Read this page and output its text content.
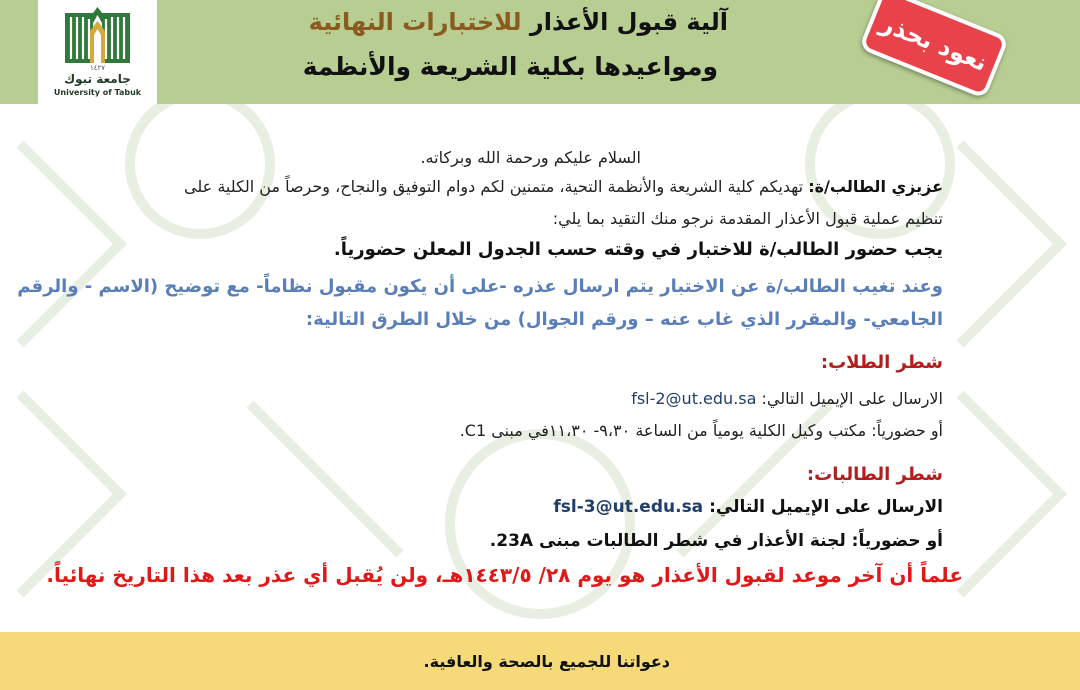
١٤٢٧
جامعة تبوك
University of Tabuk
آلية قبول الأعذار للاختبارات النهائية
ومواعيدها بكلية الشريعة والأنظمة	نعود بحذر
السلام عليكم ورحمة الله وبركاته.
عزيزي الطالب/ة: تهديكم كلية الشريعة والأنظمة التحية، متمنين لكم دوام التوفيق والنجاح، وحرصاً من الكلية على
تنظيم عملية قبول الأعذار المقدمة نرجو منك التقيد بما يلي:
يجب حضور الطالب/ة للاختبار في وقته حسب الجدول المعلن حضورياً.
وعند تغيب الطالب/ة عن الاختبار يتم ارسال عذره -على أن يكون مقبول نظاماً- مع توضيح (الاسم - والرقم
الجامعي- والمقرر الذي غاب عنه – ورقم الجوال) من خلال الطرق التالية:
شطر الطلاب:
الارسال على الإيميل التالي: fsl-2@ut.edu.sa
أو حضورياً: مكتب وكيل الكلية يومياً من الساعة ٩،٣٠- ١١،٣٠في مبنى C1.
شطر الطالبات:
الارسال على الإيميل التالي: fsl-3@ut.edu.sa
أو حضورياً: لجنة الأعذار في شطر الطالبات مبنى 23A.
علماً أن آخر موعد لقبول الأعذار هو يوم ٢٨/ ١٤٤٣/٥هـ، ولن يُقبل أي عذر بعد هذا التاريخ نهائياً.
دعواتنا للجميع بالصحة والعافية.
